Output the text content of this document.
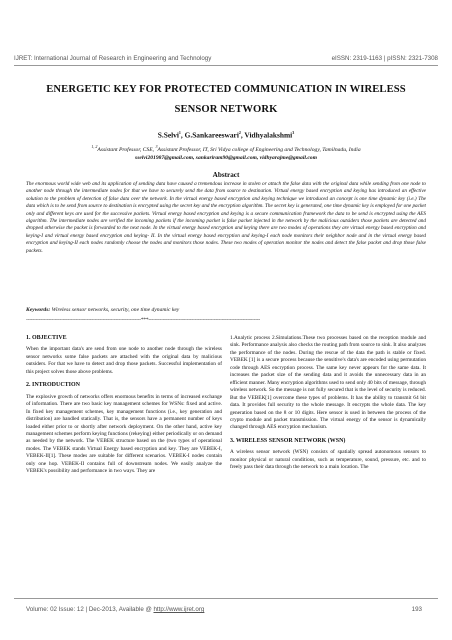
IJRET: International Journal of Research in Engineering and Technology	eISSN: 2319-1163 | pISSN: 2321-7308
ENERGETIC KEY FOR PROTECTED COMMUNICATION IN WIRELESS
SENSOR NETWORK
S.Selvi$^1$, G.Sankareeswari$^2$, Vidhyalakshmi$^3$
$^{1, 2}$Assistant Professor, CSE, $^3$Assistant Professor, IT, Sri Vidya college of Engineering and Technology, Tamilnadu, India
sselvi201987@gmail.com, sankariram90@gmail.com, vidhyarajme@gmail.com
Abstract
The enormous world wide web and its application of sending data have caused a tremendous increase in stolen or attach the false data with the original data while sending from one node to another node through the intermediate nodes for that we have to securely send the data from source to destination. Virtual energy based encryption and keying has introduced an effective solution to the problem of detection of false data over the network. In the virtual energy based encryption and keying technique we introduced an concept is one time dynamic key (i.e.) The data which is to be send from source to destination is encrypted using the secret key and the encryption algorithm. The secret key is generated, one time dynamic key is employed for one packet only and different keys are used for the successive packets. Virtual energy based encryption and keying is a secure communication framework the data to be send is encrypted using the AES algorithm. The intermediate nodes are verified the incoming packets if the incoming packet is false packet injected in the network by the malicious outsiders those packets are detected and dropped otherwise the packet is forwarded to the next node. In the virtual energy based encryption and keying there are two modes of operations they are virtual energy based encryption and keying-I and virtual energy based encryption and keying- II. In the virtual energy based encryption and keying-I each node monitors their neighbor node and in the virtual energy based encryption and keying-II each nodes randomly choose the nodes and monitors those nodes. These two modes of operation monitor the nodes and detect the false packet and drop those false packets.
Keywords: Wireless sensor networks, security, one time dynamic key
------------------------------------------------------------------------***----------------------------------------------------------------------
1. OBJECTIVE

When the important data's are send from one node to another node through the wireless sensor networks some false packets are attached with the original data by malicious outsiders. For that we have to detect and drop those packets. Successful implementation of this project solves those above problems.

2. INTRODUCTION

The explosive growth of networks offers enormous benefits in terms of increased exchange of information. There are two basic key management schemes for WSNs: fixed and active. In fixed key management schemes, key management functions (i.e., key generation and distribution) are handled statically. That is, the sensors have a permanent number of keys loaded either prior to or shortly after network deployment. On the other hand, active key management schemes perform keying functions (rekeying) either periodically or on demand as needed by the network. The VEBEK structure based on the (two types of operational modes. The VEBEK stands Virtual Energy based encryption and key. They are VEBEK-I, VEBEK-II[1]. These modes are suitable for different scenarios. VEBEK-I nodes contain only one hop. VEBEK-II contains full of downstream nodes. We easily analyze the VEBEK's possibility and performance in two ways. They are

1.Analytic process 2.Simulations.These two processes based on the reception module and sink. Performance analysis also checks the routing path from source to sink. It also analyzes the performance of the nodes. During the rescue of the data the path is stable or fixed. VEBEK [1] is a secure process because the sensitive's data's are encoded using permutation code through AES encryption process. The same key never appears for the same data. It increases the packet size of the sending data and it avoids the unnecessary data in an efficient manner. Many encryption algorithms used to send only 40 bits of message, through wireless network. So the message is not fully secured that is the level of security is reduced. But the VEBEK[1] overcome these types of problems. It has the ability to transmit 64 bit data. It provides full security to the whole message. It encrypts the whole data. The key generation based on the 8 or 10 digits. Here sensor is used in between the process of the crypto module and packet transmission. The virtual energy of the sensor is dynamically changed through AES encryption mechanism.

3. WIRELESS SENSOR NETWORK (WSN)

A wireless sensor network (WSN) consists of spatially spread autonomous sensors to monitor physical or natural conditions, such as temperature, sound, pressure, etc. and to freely pass their data through the network to a main location. The

Volume: 02 Issue: 12 | Dec-2013, Available @ http://www.ijret.org	193
